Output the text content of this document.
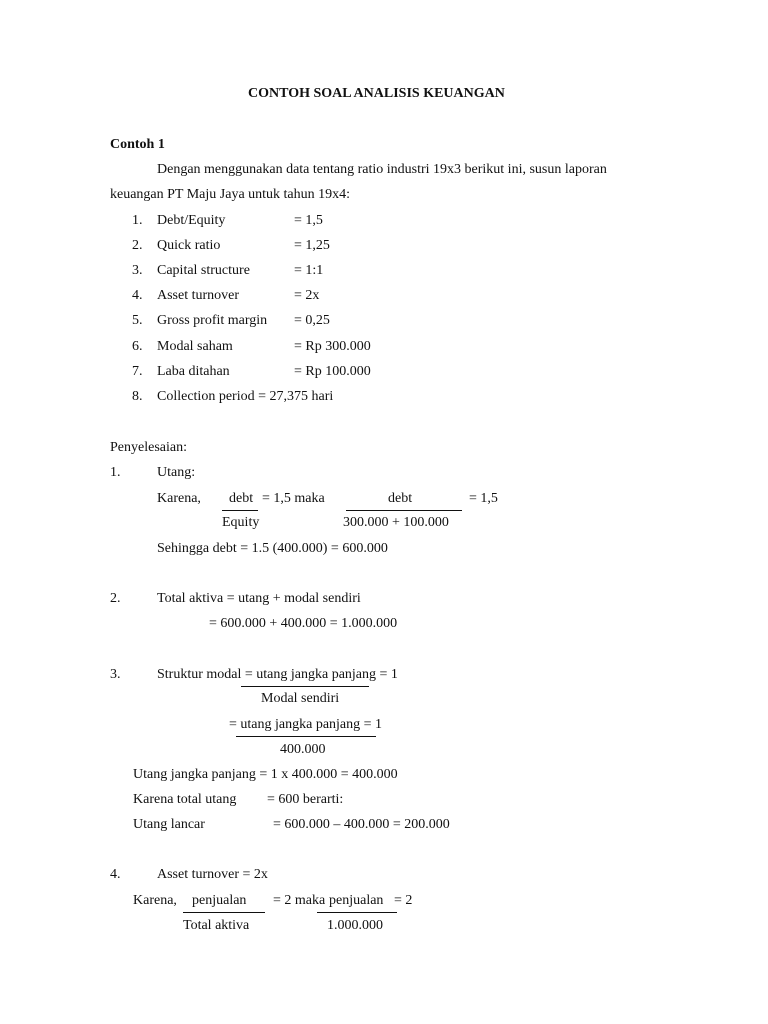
CONTOH SOAL ANALISIS KEUANGAN
Contoh 1
Dengan menggunakan data tentang ratio industri 19x3 berikut ini, susun laporan
keuangan PT Maju Jaya untuk tahun 19x4:
1. Debt/Equity	= 1,5
2. Quick ratio	= 1,25
3. Capital structure	= 1:1
4. Asset turnover	= 2x
5. Gross profit margin = 0,25
6. Modal saham	= Rp 300.000
7. Laba ditahan	= Rp 100.000
8. Collection period = 27,375 hari
Penyelesaian:
1.	Utang:
Karena, debt = 1,5 maka
Equity
debt	= 1,5
300.000 + 100.000
Sehingga debt = 1.5 (400.000) = 600.000
2.	Total aktiva = utang + modal sendiri
= 600.000 + 400.000 = 1.000.000
3.	Struktur modal = utang jangka panjang = 1
Modal sendiri
= utang jangka panjang = 1
400.000
Utang jangka panjang = 1 x 400.000 = 400.000
Karena total utang = 600 berarti:
Utang lancar	= 600.000 – 400.000 = 200.000
4.	Asset turnover = 2x
Karena, penjualan = 2 maka penjualan = 2
Total aktiva	1.000.000
